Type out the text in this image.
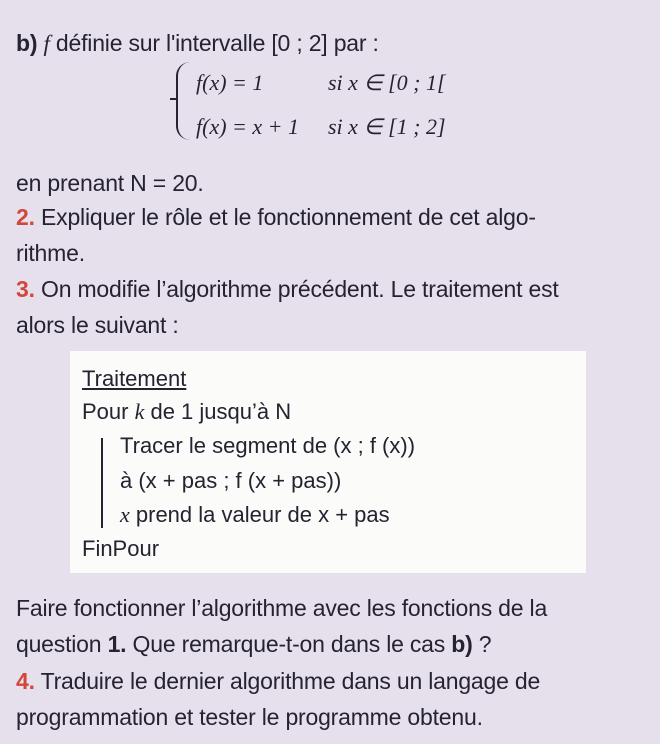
b) f définie sur l'intervalle [0 ; 2] par :
f(x) = 1	si x ∈ [0 ; 1[
f(x) = x + 1 si x ∈ [1 ; 2]
en prenant N = 20.
2. Expliquer le rôle et le fonctionnement de cet algo-
rithme.
3. On modifie l’algorithme précédent. Le traitement est
alors le suivant :
Traitement
Pour k de 1 jusqu’à N
Tracer le segment de (x ; f (x))
à (x + pas ; f (x + pas))
x prend la valeur de x + pas
FinPour
Faire fonctionner l’algorithme avec les fonctions de la
question 1. Que remarque-t-on dans le cas b) ?
4. Traduire le dernier algorithme dans un langage de
programmation et tester le programme obtenu.
